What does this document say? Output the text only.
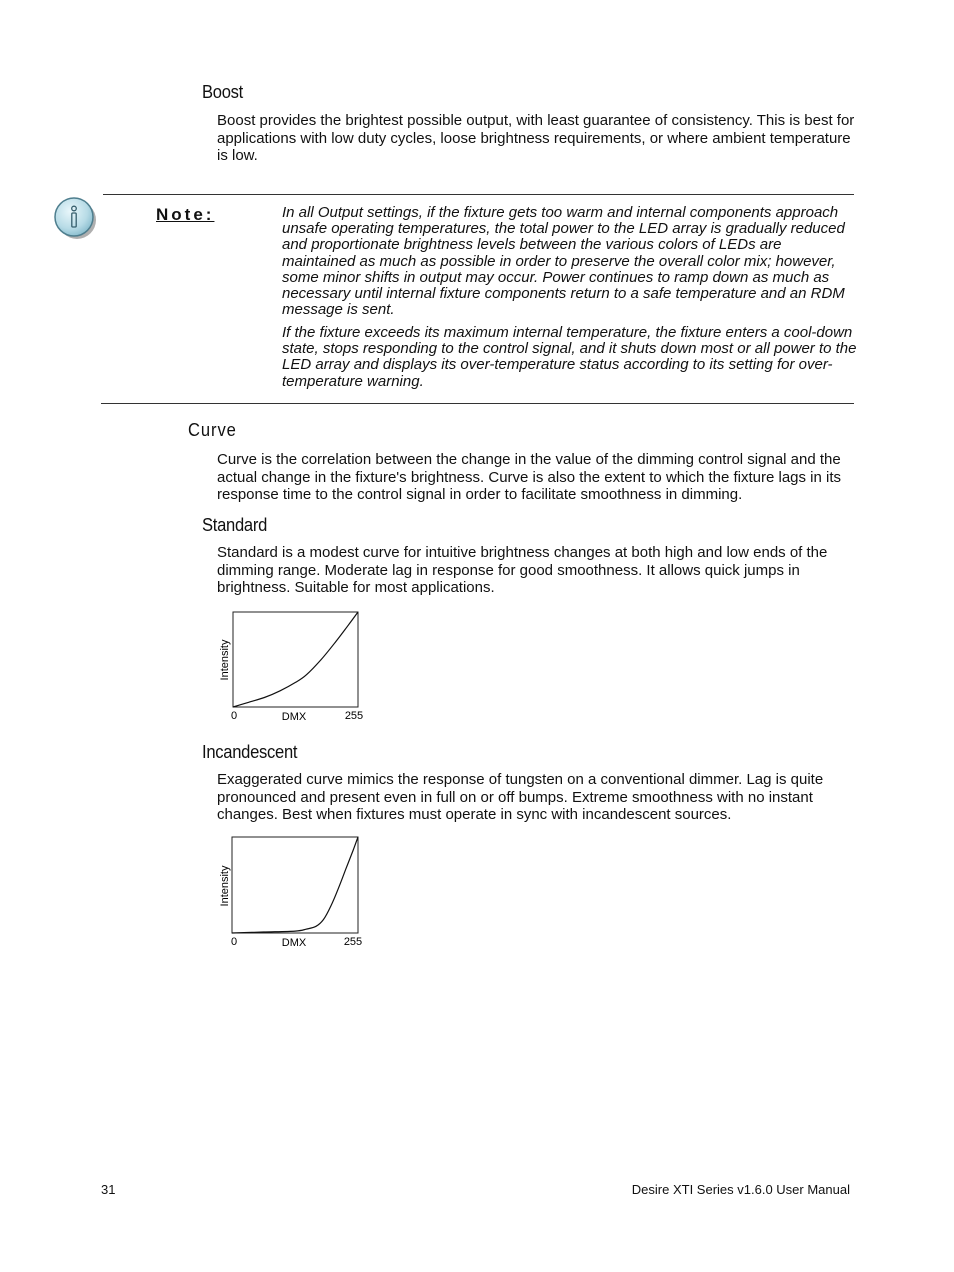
Boost
Boost provides the brightest possible output, with least guarantee of consistency. This is best for applications with low duty cycles, loose brightness requirements, or where ambient temperature is low.
Note:	In all Output settings, if the fixture gets too warm and internal components approach unsafe operating temperatures, the total power to the LED array is gradually reduced and proportionate brightness levels between the various colors of LEDs are maintained as much as possible in order to preserve the overall color mix; however, some minor shifts in output may occur. Power continues to ramp down as much as necessary until internal fixture components return to a safe temperature and an RDM message is sent.
If the fixture exceeds its maximum internal temperature, the fixture enters a cool-down state, stops responding to the control signal, and it shuts down most or all power to the LED array and displays its over-temperature status according to its setting for over-temperature warning.
Curve
Curve is the correlation between the change in the value of the dimming control signal and the actual change in the fixture's brightness. Curve is also the extent to which the fixture lags in its response time to the control signal in order to facilitate smoothness in dimming.
Standard
Standard is a modest curve for intuitive brightness changes at both high and low ends of the dimming range. Moderate lag in response for good smoothness. It allows quick jumps in brightness. Suitable for most applications.
Intensity
0	DMX	255
Incandescent
Exaggerated curve mimics the response of tungsten on a conventional dimmer. Lag is quite pronounced and present even in full on or off bumps. Extreme smoothness with no instant changes. Best when fixtures must operate in sync with incandescent sources.
Intensity
0	DMX	255
31	Desire XTI Series v1.6.0 User Manual
